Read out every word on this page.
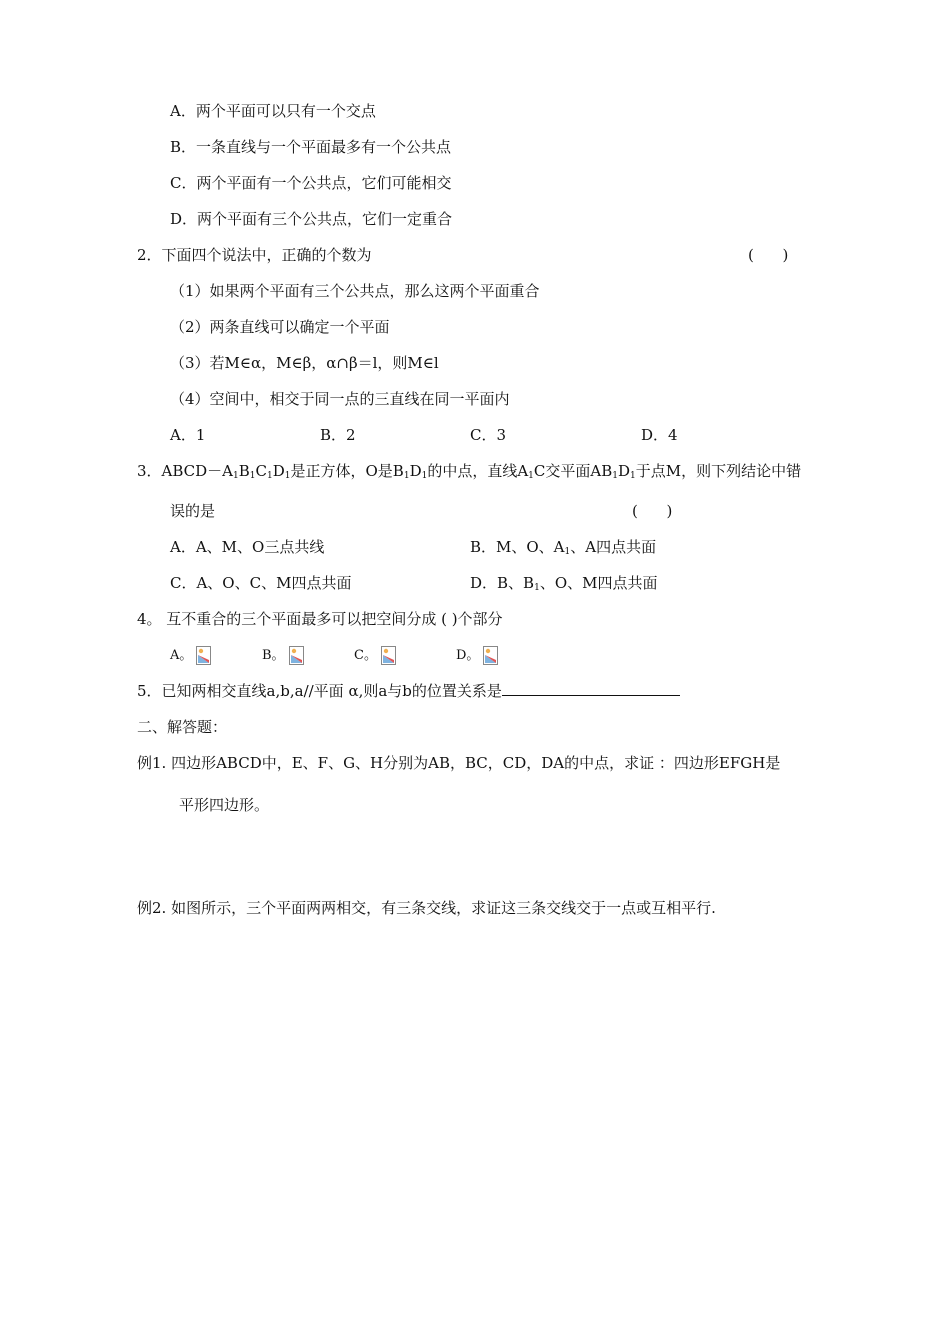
A．两个平面可以只有一个交点
B．一条直线与一个平面最多有一个公共点
C．两个平面有一个公共点，它们可能相交
D．两个平面有三个公共点，它们一定重合
2．下面四个说法中，正确的个数为	(      )
（1）如果两个平面有三个公共点，那么这两个平面重合
（2）两条直线可以确定一个平面
（3）若M∈α，M∈β，α∩β＝l，则M∈l
（4）空间中，相交于同一点的三直线在同一平面内
A．1	B．2	C．3	D．4
3．$ABCD-A_1B_1C_1D_1$是正方体，O是$B_1D_1$的中点，直线$A_1C$交平面$AB_1D_1$于点M，则下列结论中错
误的是	(      )
A．A、M、O三点共线	B．M、O、$A_1$、A四点共面
C．A、O、C、M四点共面	D．B、$B_1$、O、M四点共面
4。 互不重合的三个平面最多可以把空间分成 ( )个部分
A。	B。	C。	D。
5．已知两相交直线a,b,a//平面 α,则a与b的位置关系是
二、解答题：
例1. 四边形ABCD中，E、F、G、H分别为AB，BC，CD，DA的中点，求证 ：四边形EFGH是
平形四边形。
例2. 如图所示，三个平面两两相交，有三条交线，求证这三条交线交于一点或互相平行.
